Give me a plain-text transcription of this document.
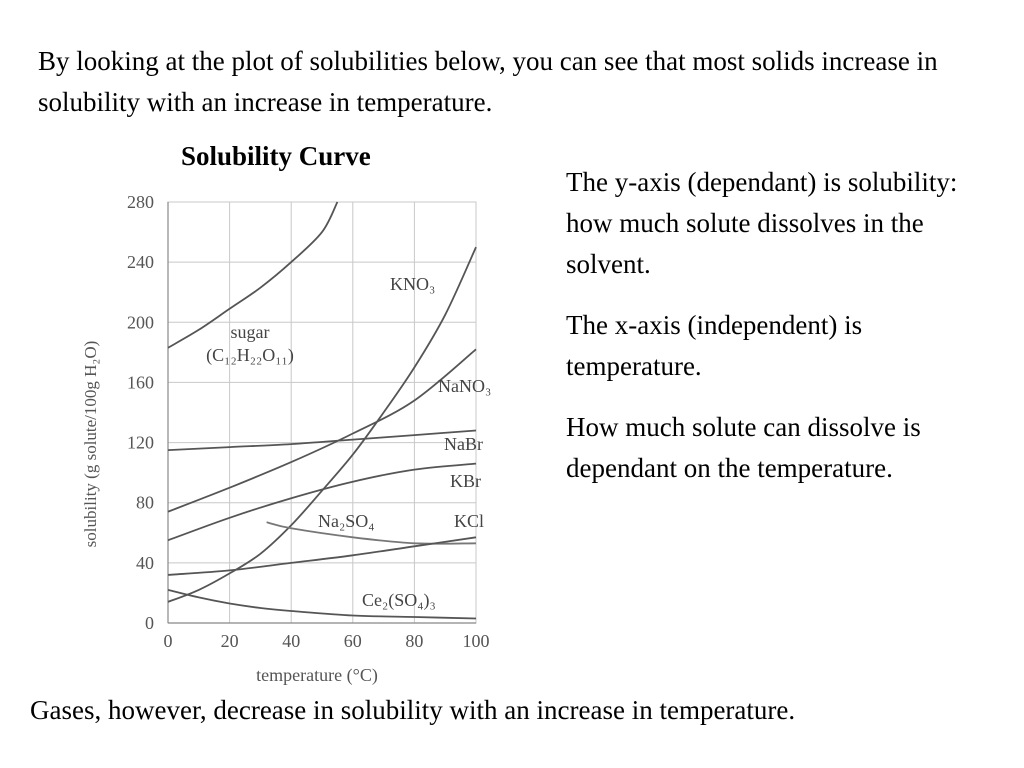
By looking at the plot of solubilities below, you can see that most solids increase in solubility with an increase in temperature.

Solubility Curve

The y-axis (dependant) is solubility: how much solute dissolves in the solvent.

The x-axis (independent) is temperature.

How much solute can dissolve is dependant on the temperature.

0	20 40 60 80 100
0
40
80
120
160
200
240
280
sugar (C₁₂H₂₂O₁₁)
KNO₃
NaNO₃
NaBr
KBr
Na₂SO₄	KCl
Ce₂(SO₄)₃
temperature (°C)
solubility (g solute/100g H₂O)

Gases, however, decrease in solubility with an increase in temperature.
